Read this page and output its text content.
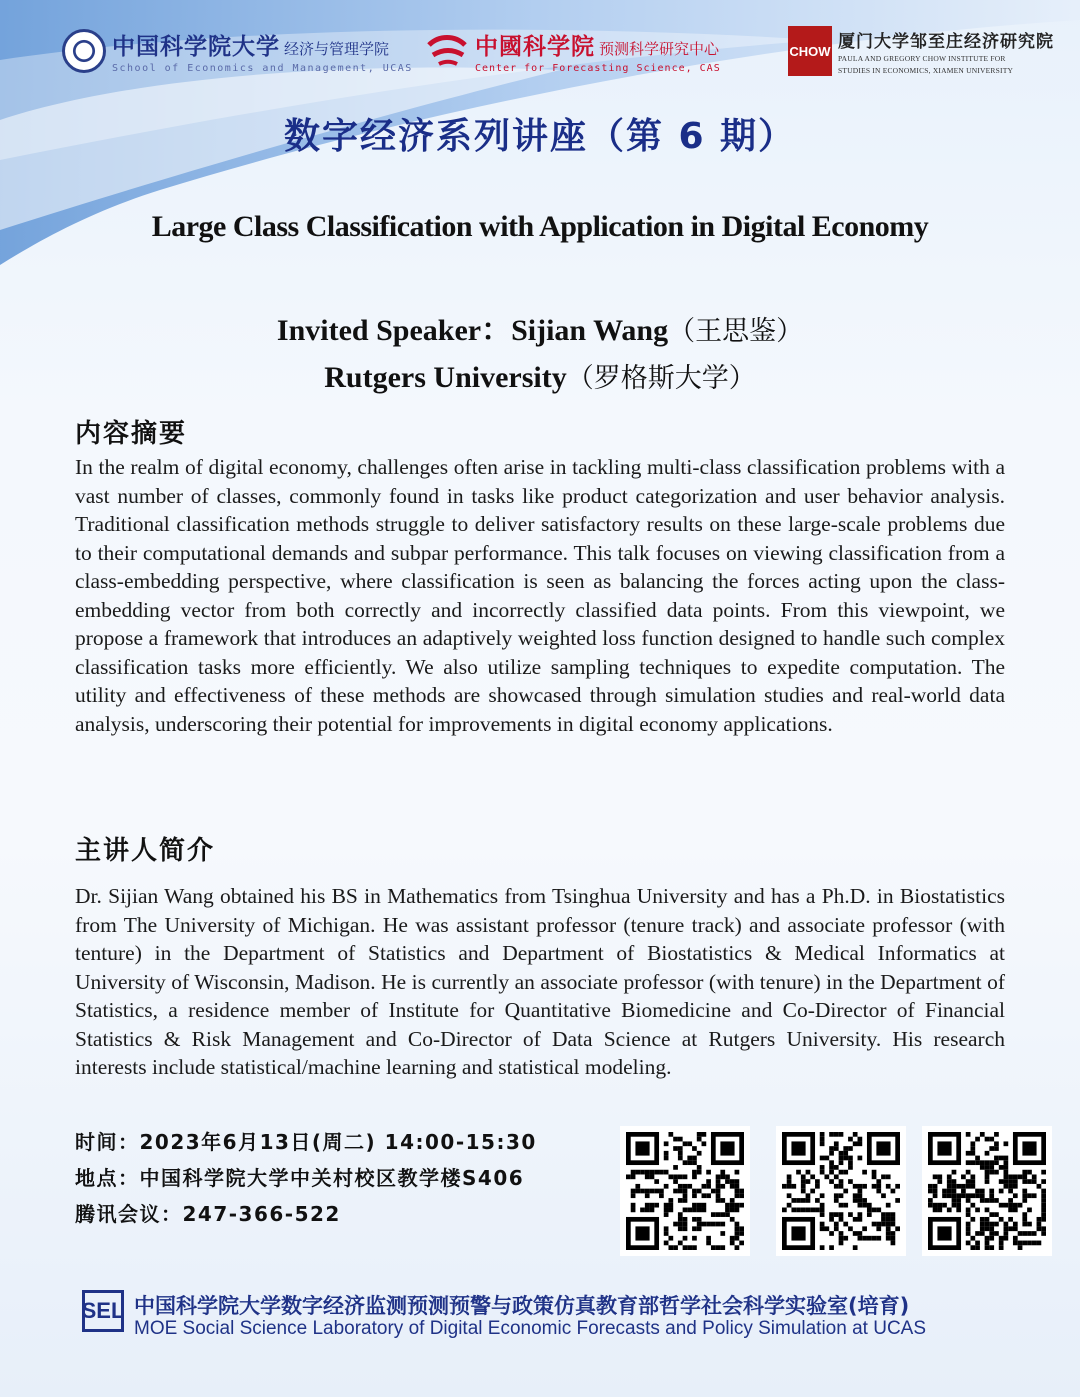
中国科学院大学 经济与管理学院
School of Economics and Management, UCAS
中國科学院 预测科学研究中心
Center for Forecasting Science, CAS
CHOW 厦门大学邹至庄经济研究院
PAULA AND GREGORY CHOW INSTITUTE FOR
STUDIES IN ECONOMICS, XIAMEN UNIVERSITY
数字经济系列讲座（第 6 期）
Large Class Classification with Application in Digital Economy
Invited Speaker：Sijian Wang（王思鉴）
Rutgers University（罗格斯大学）
内容摘要
In the realm of digital economy, challenges often arise in tackling multi-class classification problems with a vast number of classes, commonly found in tasks like product categorization and user behavior analysis. Traditional classification methods struggle to deliver satisfactory results on these large-scale problems due to their computational demands and subpar performance. This talk focuses on viewing classification from a class-embedding perspective, where classification is seen as balancing the forces acting upon the class-embedding vector from both correctly and incorrectly classified data points. From this viewpoint, we propose a framework that introduces an adaptively weighted loss function designed to handle such complex classification tasks more efficiently. We also utilize sampling techniques to expedite computation. The utility and effectiveness of these methods are showcased through simulation studies and real-world data analysis, underscoring their potential for improvements in digital economy applications.
主讲人简介
Dr. Sijian Wang obtained his BS in Mathematics from Tsinghua University and has a Ph.D. in Biostatistics from The University of Michigan. He was assistant professor (tenure track) and associate professor (with tenture) in the Department of Statistics and Department of Biostatistics & Medical Informatics at University of Wisconsin, Madison. He is currently an associate professor (with tenure) in the Department of Statistics, a residence member of Institute for Quantitative Biomedicine and Co-Director of Financial Statistics & Risk Management and Co-Director of Data Science at Rutgers University. His research interests include statistical/machine learning and statistical modeling.
时间：2023年6月13日(周二) 14:00-15:30
地点：中国科学院大学中关村校区教学楼S406
腾讯会议：247-366-522
SEL 中国科学院大学数字经济监测预测预警与政策仿真教育部哲学社会科学实验室(培育)
MOE Social Science Laboratory of Digital Economic Forecasts and Policy Simulation at UCAS
